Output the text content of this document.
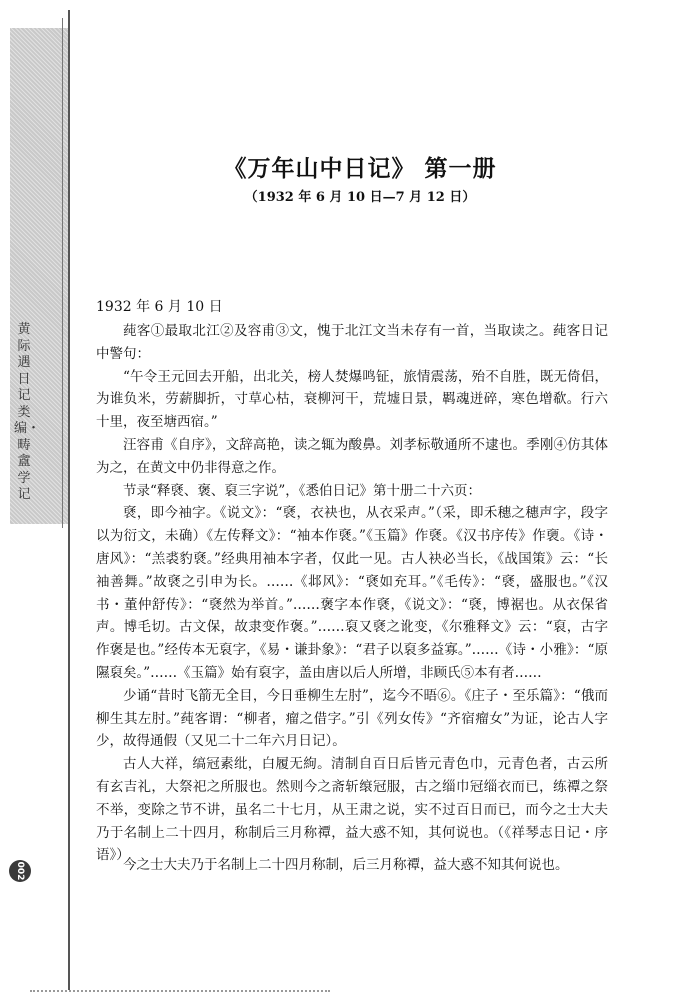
黄际遇日记类编・畴盦学记
002
《万年山中日记》 第一册
（1932 年 6 月 10 日—7 月 12 日）
1932 年 6 月 10 日

莼客①最取北江②及容甫③文，愧于北江文当未存有一首，当取读之。莼客日记中警句：

“午令王元回去开船，出北关，榜人焚爆鸣钲，旅情震荡，殆不自胜，既无倚侣，为谁负米，劳薪脚折，寸草心枯，衰柳河干，荒墟日景，羁魂迸碎，寒色增欷。行六十里，夜至塘西宿。”

汪容甫《自序》，文辞高艳，读之辄为酸鼻。刘孝标敬通所不逮也。季刚④仿其体为之，在黄文中仍非得意之作。

节录“释褎、褒、裒三字说”，《悉伯日记》第十册二十六页：

褎，即今袖字。《说文》：“褎，衣袂也，从衣采声。”（采，即禾穗之穗声字，段字以为衍文，未确）《左传释文》：“袖本作褎。”《玉篇》作褎。《汉书序传》作褏。《诗・唐风》：“羔裘豹褎。”经典用袖本字者，仅此一见。古人袂必当长，《战国策》云：“长袖善舞。”故褎之引申为长。……《邶风》：“褎如充耳。”《毛传》：“褎，盛服也。”《汉书・董仲舒传》：“褎然为举首。”……褒字本作褎，《说文》：“褎，博裾也。从衣保省声。博毛切。古文保，故隶变作褒。”……裒又褎之讹变，《尔雅释文》云：“裒，古字作褒是也。”经传本无裒字，《易・谦卦象》：“君子以裒多益寡。”……《诗・小雅》：“原隰裒矣。”……《玉篇》始有裒字，盖由唐以后人所增，非顾氏⑤本有者……

少诵“昔时飞箭无全目，今日垂柳生左肘”，迄今不晤⑥。《庄子・至乐篇》：“俄而柳生其左肘。”莼客谓：“柳者，瘤之借字。”引《列女传》“齐宿瘤女”为证，论古人字少，故得通假（又见二十二年六月日记）。

古人大祥，缟冠素纰，白履无絇。清制自百日后皆元青色巾，元青色者，古云所有玄吉礼，大祭祀之所服也。然则今之斋斩缞冠服，古之缁巾冠缁衣而已，练禫之祭不举，变除之节不讲，虽名二十七月，从王肃之说，实不过百日而已，而今之士大夫乃于名制上二十四月，称制后三月称禫，益大惑不知，其何说也。（《祥琴志日记・序语》）

今之士大夫乃于名制上二十四月称制，后三月称禫，益大惑不知其何说也。
